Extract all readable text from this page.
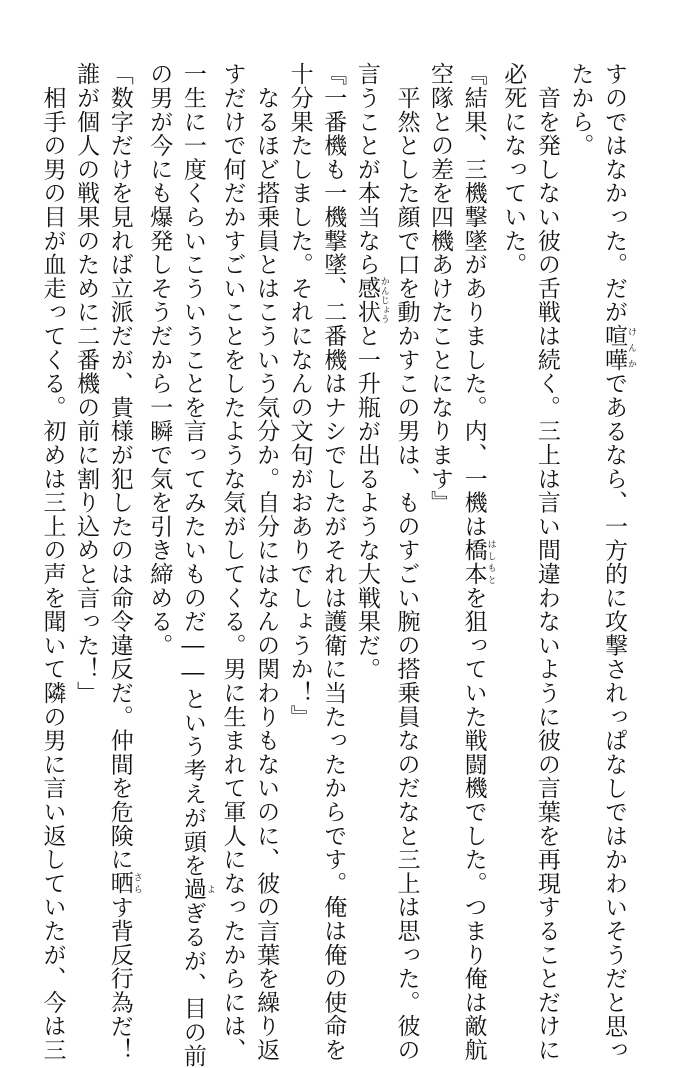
すのではなかった。だが喧嘩 けんかであるなら、一方的に攻撃されっぱなしではかわいそうだと思っ
たから。
　音を発しない彼の舌戦は続く。三上は言い間違わないように彼の言葉を再現することだけに
必死になっていた。
『結果、三機撃墜がありました。内、一機は橋本 はしもとを狙っていた戦闘機でした。つまり俺は敵航
空隊との差を四機あけたことになります』
　平然とした顔で口を動かすこの男は、ものすごい腕の搭乗員なのだなと三上は思った。彼の
言うことが本当なら感状 かんじょうと一升瓶が出るような大戦果だ。
『一番機も一機撃墜、二番機はナシでしたがそれは護衛に当たったからです。俺は俺の使命を
十分果たしました。それになんの文句がおありでしょうか！』
　なるほど搭乗員とはこういう気分か。自分にはなんの関わりもないのに、彼の言葉を繰り返
すだけで何だかすごいことをしたような気がしてくる。男に生まれて軍人になったからには、
一生に一度くらいこういうことを言ってみたいものだ――という考えが頭を過 よぎるが、目の前
の男が今にも爆発しそうだから一瞬で気を引き締める。
「数字だけを見れば立派だが、貴様が犯したのは命令違反だ。仲間を危険に晒 さらす背反行為だ！
誰が個人の戦果のために二番機の前に割り込めと言った！」
　相手の男の目が血走ってくる。初めは三上の声を聞いて隣の男に言い返していたが、今は三
